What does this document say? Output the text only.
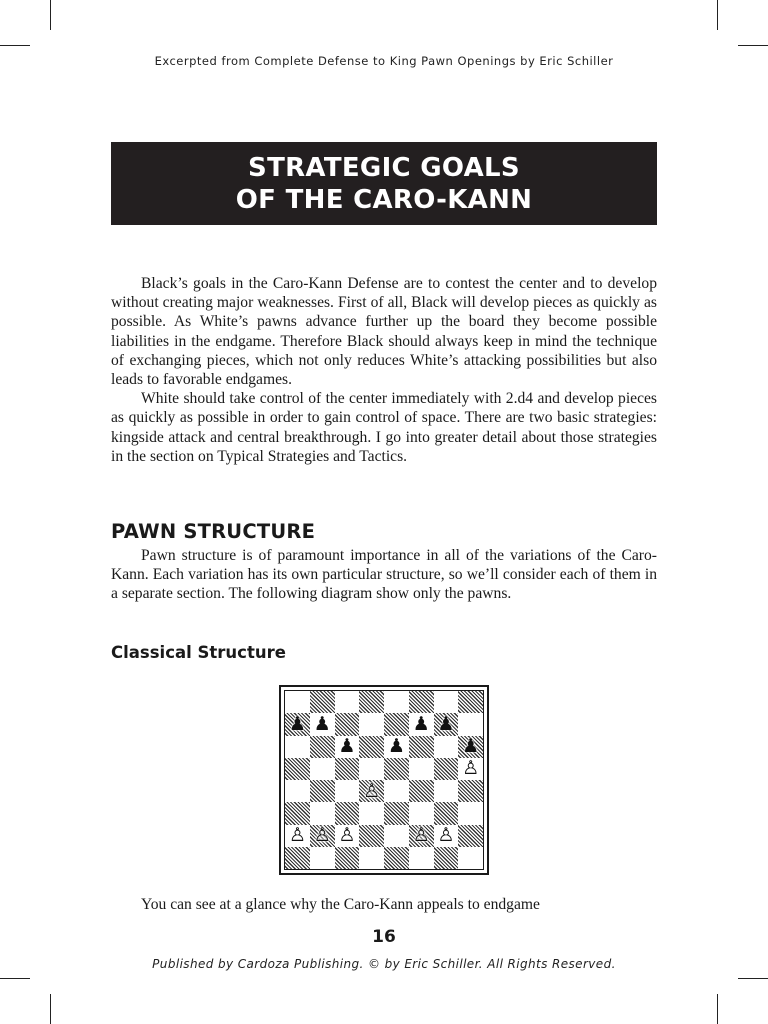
Excerpted from Complete Defense to King Pawn Openings by Eric Schiller
STRATEGIC GOALS
OF THE CARO-KANN

Black’s goals in the Caro-Kann Defense are to contest the center and to develop without creating major weaknesses. First of all, Black will develop pieces as quickly as possible. As White’s pawns advance further up the board they become possible liabilities in the endgame. Therefore Black should always keep in mind the technique of exchanging pieces, which not only reduces White’s attacking possibilities but also leads to favorable endgames.

White should take control of the center immediately with 2.d4 and develop pieces as quickly as possible in order to gain control of space. There are two basic strategies: kingside attack and central breakthrough. I go into greater detail about those strategies in the section on Typical Strategies and Tactics.

PAWN STRUCTURE

Pawn structure is of paramount importance in all of the variations of the Caro-Kann. Each variation has its own particular structure, so we’ll consider each of them in a separate section. The following diagram show only the pawns.

Classical Structure
♟ ♟	♟ ♟
♟ ♟	♟
♙
♙
♙ ♙ ♙	♙ ♙

You can see at a glance why the Caro-Kann appeals to endgame

16
Published by Cardoza Publishing. © by Eric Schiller. All Rights Reserved.
